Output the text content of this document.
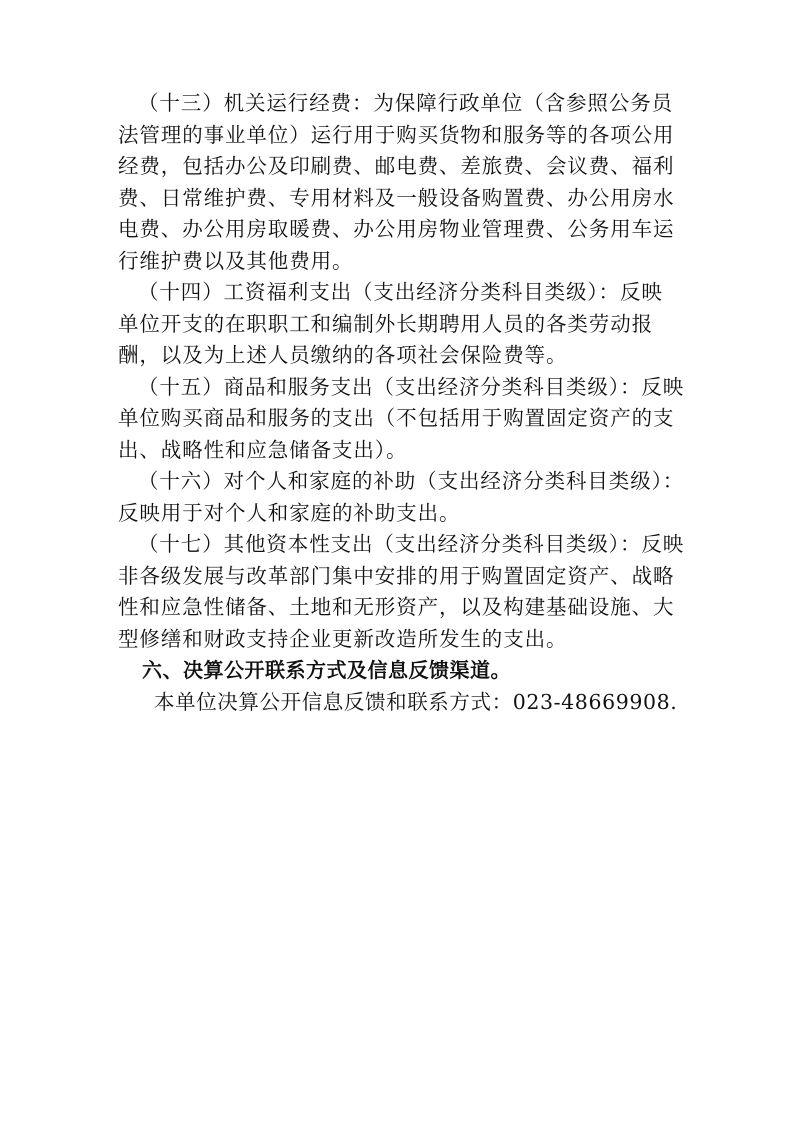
（十三）机关运行经费：为保障行政单位（含参照公务员
法管理的事业单位）运行用于购买货物和服务等的各项公用
经费，包括办公及印刷费、邮电费、差旅费、会议费、福利
费、日常维护费、专用材料及一般设备购置费、办公用房水
电费、办公用房取暖费、办公用房物业管理费、公务用车运
行维护费以及其他费用。
（十四）工资福利支出（支出经济分类科目类级）：反映
单位开支的在职职工和编制外长期聘用人员的各类劳动报
酬，以及为上述人员缴纳的各项社会保险费等。
（十五）商品和服务支出（支出经济分类科目类级）：反映
单位购买商品和服务的支出（不包括用于购置固定资产的支
出、战略性和应急储备支出）。
（十六）对个人和家庭的补助（支出经济分类科目类级）：
反映用于对个人和家庭的补助支出。
（十七）其他资本性支出（支出经济分类科目类级）：反映
非各级发展与改革部门集中安排的用于购置固定资产、战略
性和应急性储备、土地和无形资产，以及构建基础设施、大
型修缮和财政支持企业更新改造所发生的支出。
六、决算公开联系方式及信息反馈渠道。
本单位决算公开信息反馈和联系方式：023-48669908.
